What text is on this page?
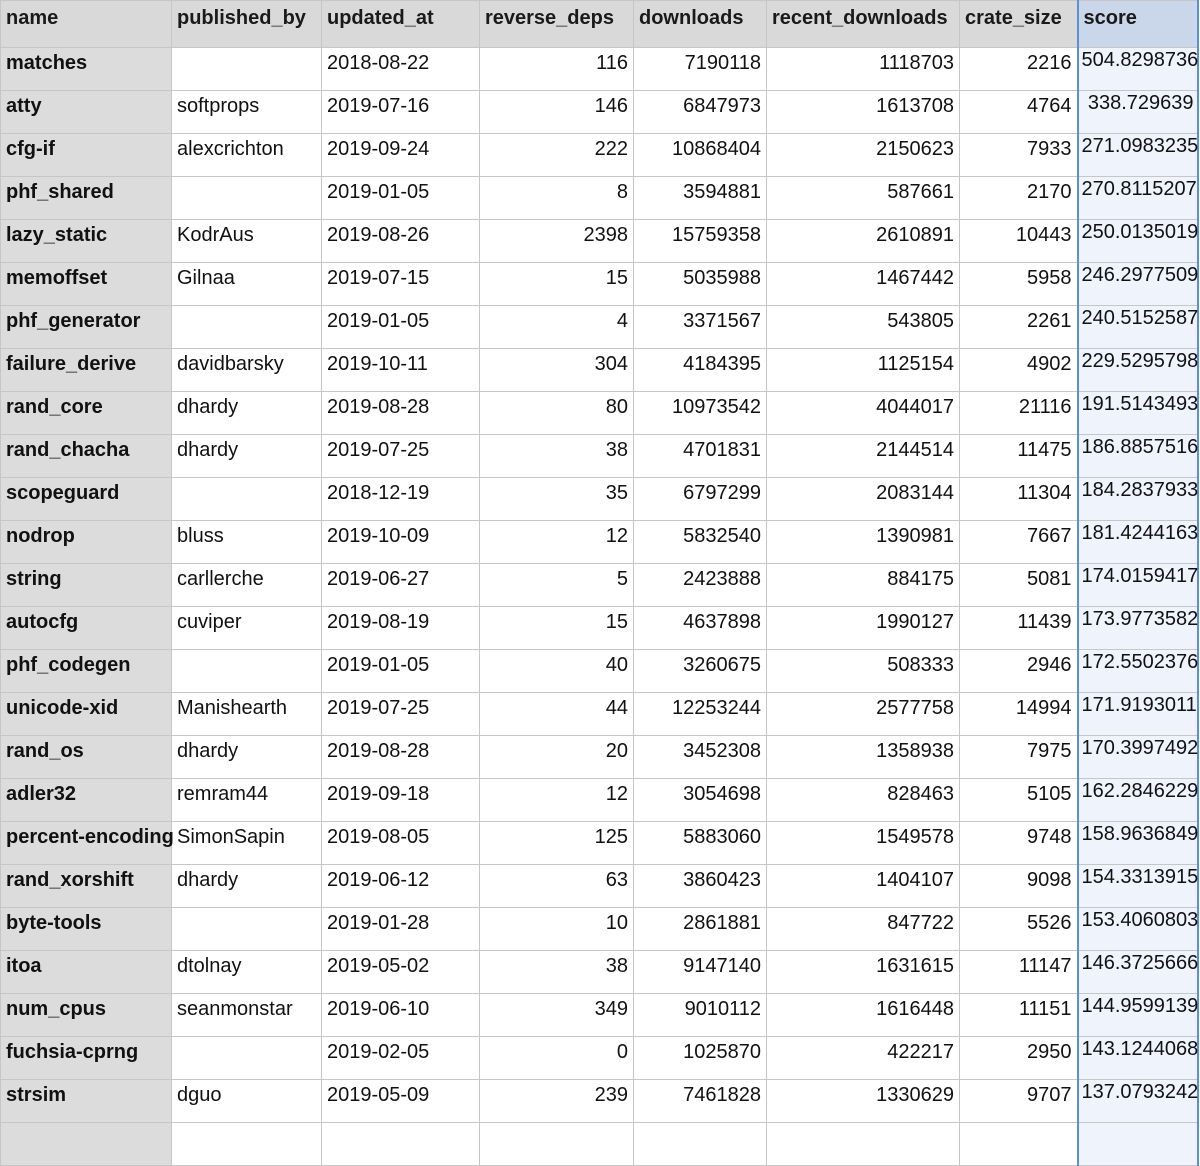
name	published_by	updated_at	reverse_deps	downloads	recent_downloads	crate_size	score
matches		2018-08-22	116	7190118	1118703	2216	504.8298736
atty	softprops	2019-07-16	146	6847973	1613708	4764	338.729639
cfg-if	alexcrichton	2019-09-24	222	10868404	2150623	7933	271.0983235
phf_shared		2019-01-05	8	3594881	587661	2170	270.8115207
lazy_static	KodrAus	2019-08-26	2398	15759358	2610891	10443	250.0135019
memoffset	Gilnaa	2019-07-15	15	5035988	1467442	5958	246.2977509
phf_generator		2019-01-05	4	3371567	543805	2261	240.5152587
failure_derive	davidbarsky	2019-10-11	304	4184395	1125154	4902	229.5295798
rand_core	dhardy	2019-08-28	80	10973542	4044017	21116	191.5143493
rand_chacha	dhardy	2019-07-25	38	4701831	2144514	11475	186.8857516
scopeguard		2018-12-19	35	6797299	2083144	11304	184.2837933
nodrop	bluss	2019-10-09	12	5832540	1390981	7667	181.4244163
string	carllerche	2019-06-27	5	2423888	884175	5081	174.0159417
autocfg	cuviper	2019-08-19	15	4637898	1990127	11439	173.9773582
phf_codegen		2019-01-05	40	3260675	508333	2946	172.5502376
unicode-xid	Manishearth	2019-07-25	44	12253244	2577758	14994	171.9193011
rand_os	dhardy	2019-08-28	20	3452308	1358938	7975	170.3997492
adler32	remram44	2019-09-18	12	3054698	828463	5105	162.2846229
percent-encoding	SimonSapin	2019-08-05	125	5883060	1549578	9748	158.9636849
rand_xorshift	dhardy	2019-06-12	63	3860423	1404107	9098	154.3313915
byte-tools		2019-01-28	10	2861881	847722	5526	153.4060803
itoa	dtolnay	2019-05-02	38	9147140	1631615	11147	146.3725666
num_cpus	seanmonstar	2019-06-10	349	9010112	1616448	11151	144.9599139
fuchsia-cprng		2019-02-05	0	1025870	422217	2950	143.1244068
strsim	dguo	2019-05-09	239	7461828	1330629	9707	137.0793242
